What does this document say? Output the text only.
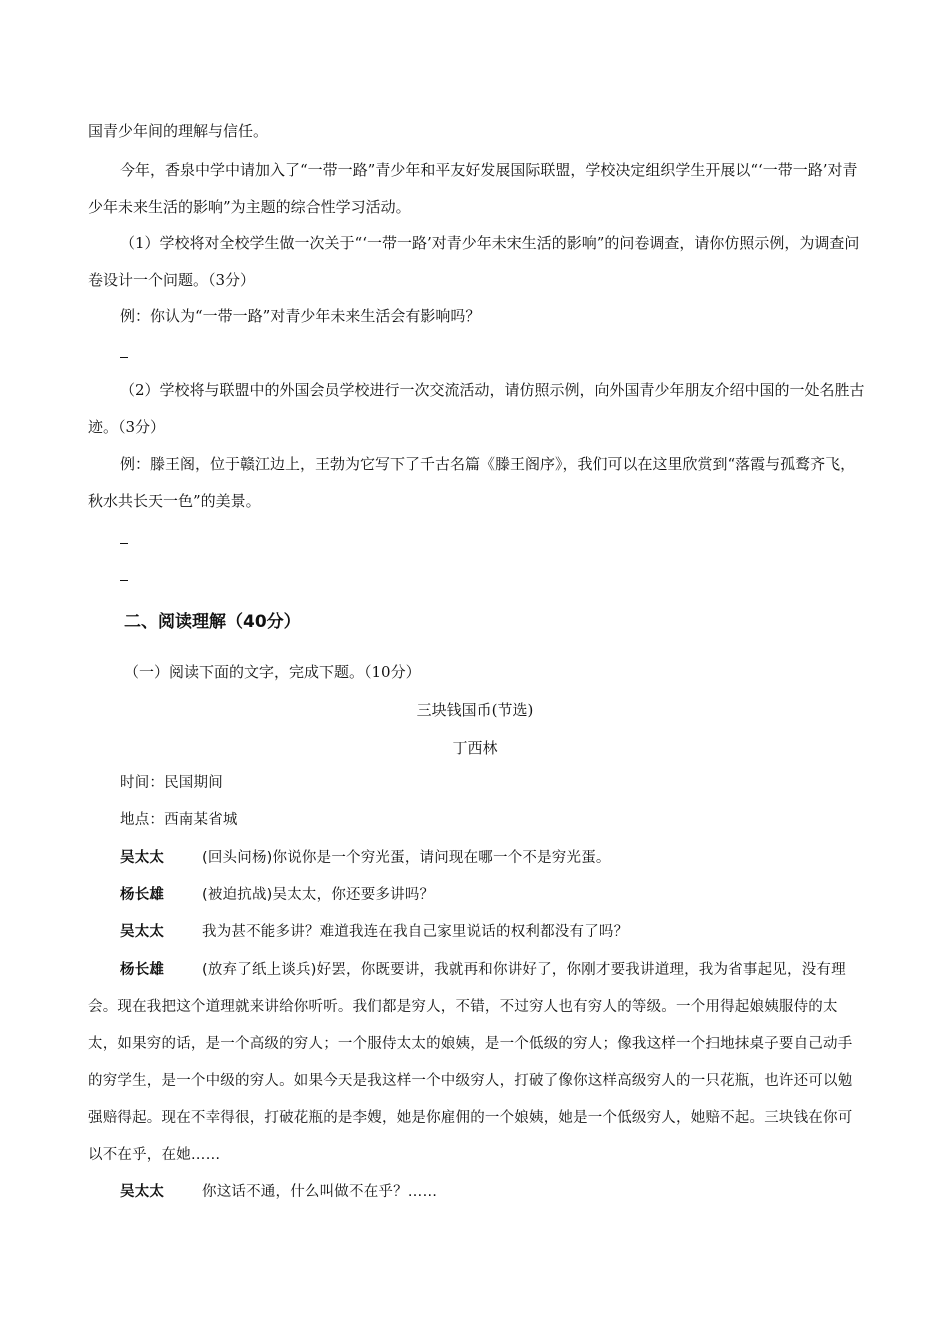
国青少年间的理解与信任。

今年，香泉中学中请加入了“一带一路”青少年和平友好发展国际联盟，学校决定组织学生开展以“‘一带一路’对青少年未来生活的影响”为主题的综合性学习活动。

（1）学校将对全校学生做一次关于“‘一带一路’对青少年未宋生活的影响”的问卷调查，请你仿照示例，为调查问卷设计一个问题。（3分）

例：你认为“一带一路”对青少年未来生活会有影响吗？

（2）学校将与联盟中的外国会员学校进行一次交流活动，请仿照示例，向外国青少年朋友介绍中国的一处名胜古迹。（3分）

例：滕王阁，位于赣江边上，王勃为它写下了千古名篇《滕王阁序》，我们可以在这里欣赏到“落霞与孤鹜齐飞，秋水共长天一色”的美景。

二、阅读理解（40分）
（一）阅读下面的文字，完成下题。（10分）
三块钱国币(节选)
丁西林
时间：民国期间
地点：西南某省城
吴太太	(回头问杨)你说你是一个穷光蛋，请问现在哪一个不是穷光蛋。
杨长雄	(被迫抗战)吴太太，你还要多讲吗？
吴太太	我为甚不能多讲？难道我连在我自己家里说话的权利都没有了吗？

杨长雄	(放弃了纸上谈兵)好罢，你既要讲，我就再和你讲好了，你刚才要我讲道理，我为省事起见，没有理会。现在我把这个道理就来讲给你听听。我们都是穷人，不错，不过穷人也有穷人的等级。一个用得起娘姨服侍的太太，如果穷的话，是一个高级的穷人；一个服侍太太的娘姨，是一个低级的穷人；像我这样一个扫地抹桌子要自己动手的穷学生，是一个中级的穷人。如果今天是我这样一个中级穷人，打破了像你这样高级穷人的一只花瓶，也许还可以勉强赔得起。现在不幸得很，打破花瓶的是李嫂，她是你雇佣的一个娘姨，她是一个低级穷人，她赔不起。三块钱在你可以不在乎，在她……

吴太太	你这话不通，什么叫做不在乎？……
